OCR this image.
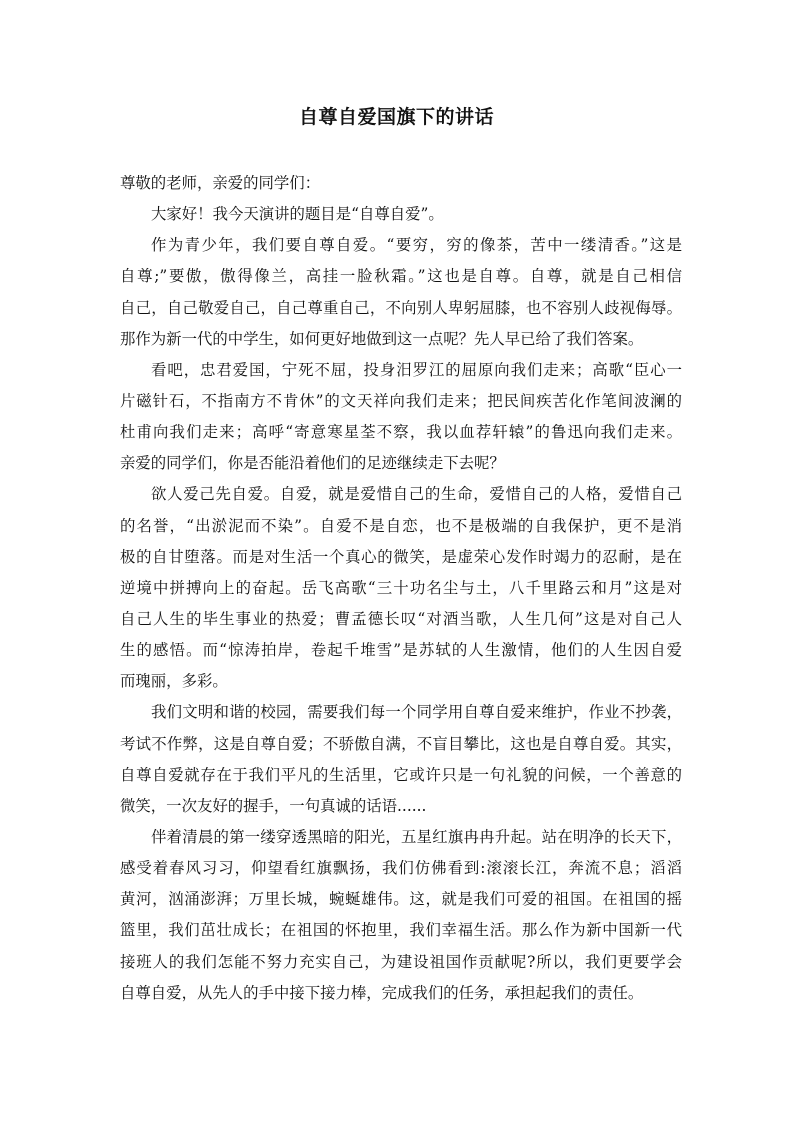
自尊自爱国旗下的讲话
尊敬的老师，亲爱的同学们：
大家好！我今天演讲的题目是“自尊自爱”。
作为青少年，我们要自尊自爱。“要穷，穷的像茶，苦中一缕清香。”这是
自尊;”要傲，傲得像兰，高挂一脸秋霜。”这也是自尊。自尊，就是自己相信
自己，自己敬爱自己，自己尊重自己，不向别人卑躬屈膝，也不容别人歧视侮辱。
那作为新一代的中学生，如何更好地做到这一点呢？先人早已给了我们答案。
看吧，忠君爱国，宁死不屈，投身汨罗江的屈原向我们走来；高歌“臣心一
片磁针石，不指南方不肯休”的文天祥向我们走来；把民间疾苦化作笔间波澜的
杜甫向我们走来；高呼“寄意寒星荃不察，我以血荐轩辕”的鲁迅向我们走来。
亲爱的同学们，你是否能沿着他们的足迹继续走下去呢？
欲人爱己先自爱。自爱，就是爱惜自己的生命，爱惜自己的人格，爱惜自己
的名誉，“出淤泥而不染”。自爱不是自恋，也不是极端的自我保护，更不是消
极的自甘堕落。而是对生活一个真心的微笑，是虚荣心发作时竭力的忍耐，是在
逆境中拼搏向上的奋起。岳飞高歌“三十功名尘与土，八千里路云和月”这是对
自己人生的毕生事业的热爱；曹孟德长叹“对酒当歌，人生几何”这是对自己人
生的感悟。而“惊涛拍岸，卷起千堆雪”是苏轼的人生激情，他们的人生因自爱
而瑰丽，多彩。
我们文明和谐的校园，需要我们每一个同学用自尊自爱来维护，作业不抄袭，
考试不作弊，这是自尊自爱；不骄傲自满，不盲目攀比，这也是自尊自爱。其实，
自尊自爱就存在于我们平凡的生活里，它或许只是一句礼貌的问候，一个善意的
微笑，一次友好的握手，一句真诚的话语......
伴着清晨的第一缕穿透黑暗的阳光，五星红旗冉冉升起。站在明净的长天下，
感受着春风习习，仰望看红旗飘扬，我们仿佛看到:滚滚长江，奔流不息；滔滔
黄河，汹涌澎湃；万里长城，蜿蜒雄伟。这，就是我们可爱的祖国。在祖国的摇
篮里，我们茁壮成长；在祖国的怀抱里，我们幸福生活。那么作为新中国新一代
接班人的我们怎能不努力充实自己，为建设祖国作贡献呢?所以，我们更要学会
自尊自爱，从先人的手中接下接力棒，完成我们的任务，承担起我们的责任。
